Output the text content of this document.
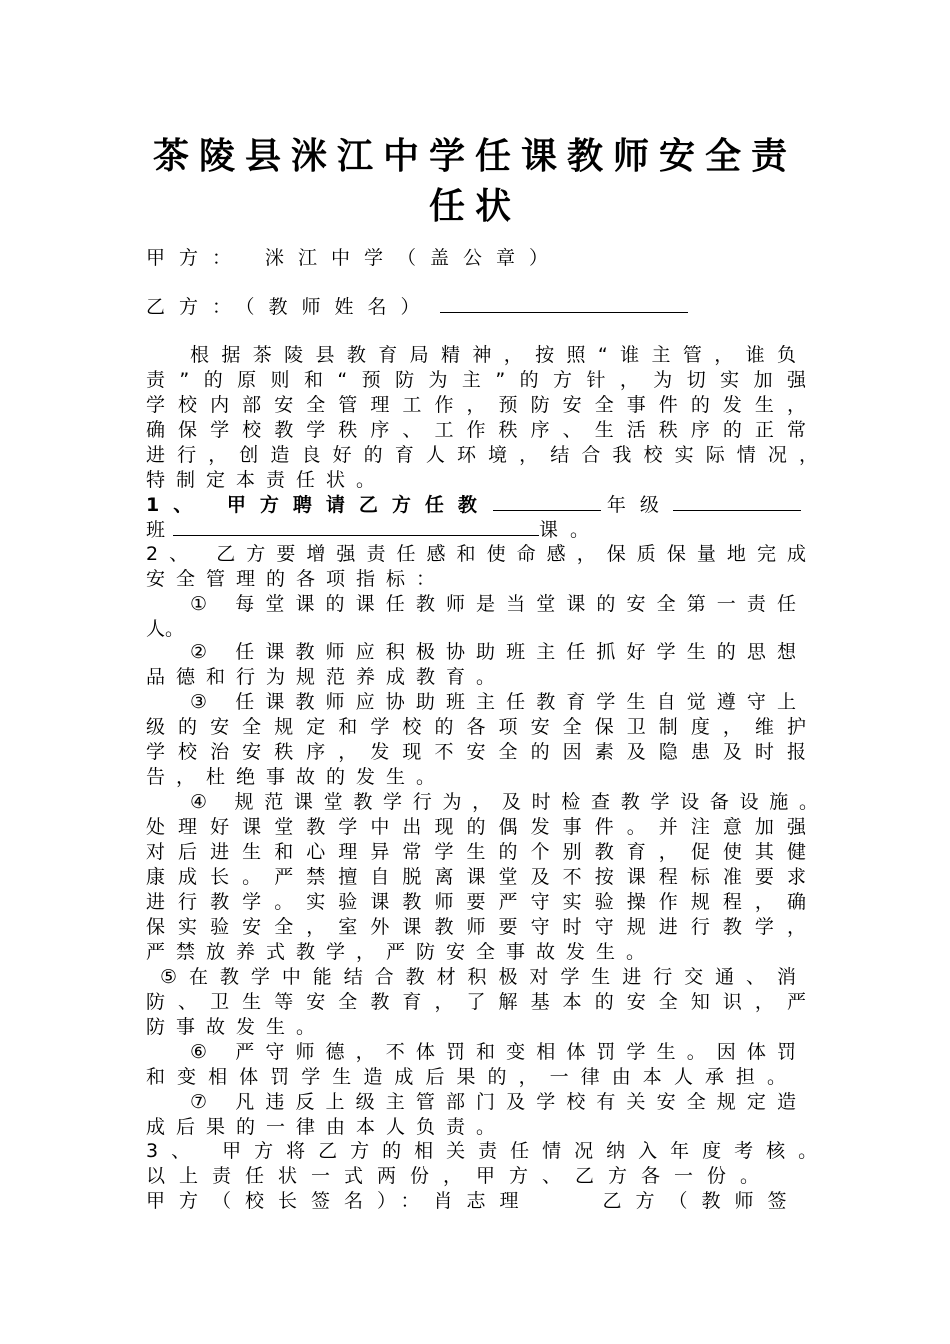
茶陵县洣江中学任课教师安全责
任状
甲方： 洣江中学（盖公章）
乙方：（教师姓名）
根据茶陵县教育局精神，按照“谁主管，谁负
责”的原则和“预防为主”的方针，为切实加强
学校内部安全管理工作，预防安全事件的发生，
确保学校教学秩序、工作秩序、生活秩序的正常
进行，创造良好的育人环境，结合我校实际情况，
特制定本责任状。
1、 甲方聘请乙方任教	年级
班	课。
2、 乙方要增强责任感和使命感，保质保量地完成
安全管理的各项指标：
① 每堂课的课任教师是当堂课的安全第一责任
人。
② 任课教师应积极协助班主任抓好学生的思想
品德和行为规范养成教育。
③ 任课教师应协助班主任教育学生自觉遵守上
级的安全规定和学校的各项安全保卫制度，维护
学校治安秩序，发现不安全的因素及隐患及时报
告，杜绝事故的发生。
④ 规范课堂教学行为，及时检查教学设备设施。
处理好课堂教学中出现的偶发事件。并注意加强
对后进生和心理异常学生的个别教育，促使其健
康成长。严禁擅自脱离课堂及不按课程标准要求
进行教学。实验课教师要严守实验操作规程，确
保实验安全，室外课教师要守时守规进行教学，
严禁放养式教学，严防安全事故发生。
⑤在教学中能结合教材积极对学生进行交通、消
防、卫生等安全教育，了解基本的安全知识，严
防事故发生。
⑥ 严守师德，不体罚和变相体罚学生。因体罚
和变相体罚学生造成后果的，一律由本人承担。
⑦ 凡违反上级主管部门及学校有关安全规定造
成后果的一律由本人负责。
3、 甲方将乙方的相关责任情况纳入年度考核。
以上责任状一式两份，甲方、乙方各一份。
甲方（校长签名）：肖志理	乙方（教师签
